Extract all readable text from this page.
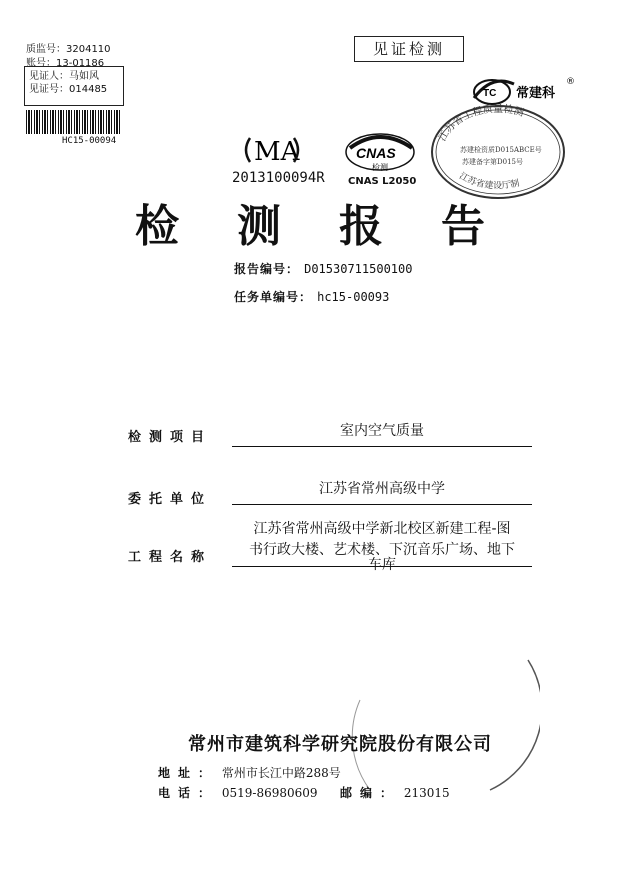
质监号：3204110
账号：13-01186
见证人：马如风
见证号：014485
HC15-00094
见证检测
TC 常建科
®
MA
2013100094R
CNAS
检测
CNAS L2050
江苏省工程质量检测
苏建检资质D015ABCE号
苏建备字第D015号
江苏省建设厅制
检测报告
报告编号： D01530711500100
任务单编号： hc15-00093
检测项目	室内空气质量
委托单位
江苏省常州高级中学
工程名称
江苏省常州高级中学新北校区新建工程-图
书行政大楼、艺术楼、下沉音乐广场、地下
车库
常州市建筑科学研究院股份有限公司
地址： 常州市长江中路288号
电话： 0519-86980609 邮编： 213015
